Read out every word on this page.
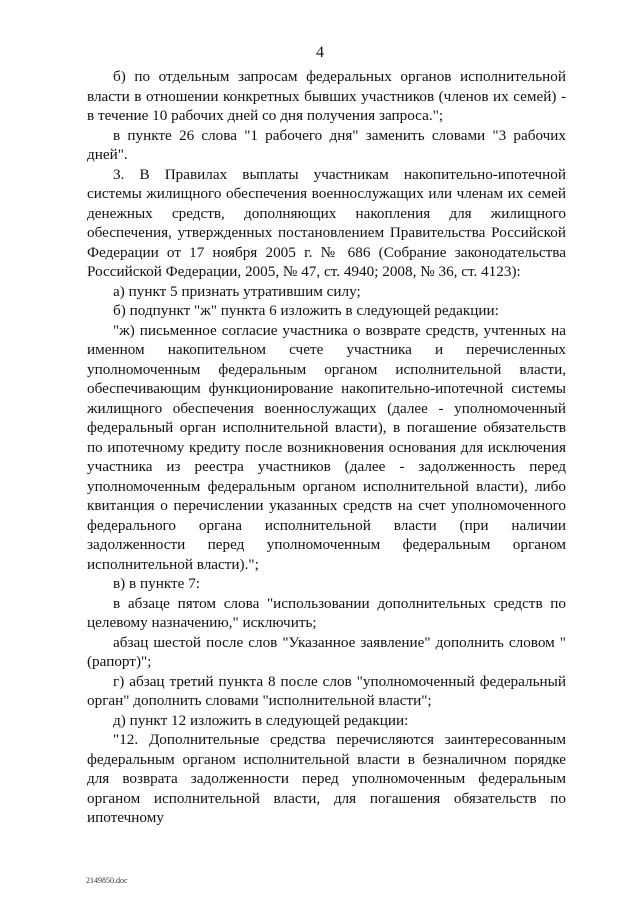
4

б) по отдельным запросам федеральных органов исполнительной власти в отношении конкретных бывших участников (членов их семей) - в течение 10 рабочих дней со дня получения запроса.";

в пункте 26 слова "1 рабочего дня" заменить словами "3 рабочих дней".

3. В Правилах выплаты участникам накопительно-ипотечной системы жилищного обеспечения военнослужащих или членам их семей денежных средств, дополняющих накопления для жилищного обеспечения, утвержденных постановлением Правительства Российской Федерации от 17 ноября 2005 г. № 686 (Собрание законодательства Российской Федерации, 2005, № 47, ст. 4940; 2008, № 36, ст. 4123):

а) пункт 5 признать утратившим силу;

б) подпункт "ж" пункта 6 изложить в следующей редакции:

"ж) письменное согласие участника о возврате средств, учтенных на именном накопительном счете участника и перечисленных уполномоченным федеральным органом исполнительной власти, обеспечивающим функционирование накопительно-ипотечной системы жилищного обеспечения военнослужащих (далее - уполномоченный федеральный орган исполнительной власти), в погашение обязательств по ипотечному кредиту после возникновения основания для исключения участника из реестра участников (далее - задолженность перед уполномоченным федеральным органом исполнительной власти), либо квитанция о перечислении указанных средств на счет уполномоченного федерального органа исполнительной власти (при наличии задолженности перед уполномоченным федеральным органом исполнительной власти).";

в) в пункте 7:

в абзаце пятом слова "использовании дополнительных средств по целевому назначению," исключить;

абзац шестой после слов "Указанное заявление" дополнить словом "(рапорт)";

г) абзац третий пункта 8 после слов "уполномоченный федеральный орган" дополнить словами "исполнительной власти";

д) пункт 12 изложить в следующей редакции:

"12. Дополнительные средства перечисляются заинтересованным федеральным органом исполнительной власти в безналичном порядке для возврата задолженности перед уполномоченным федеральным органом исполнительной власти, для погашения обязательств по ипотечному

2149850.doc
